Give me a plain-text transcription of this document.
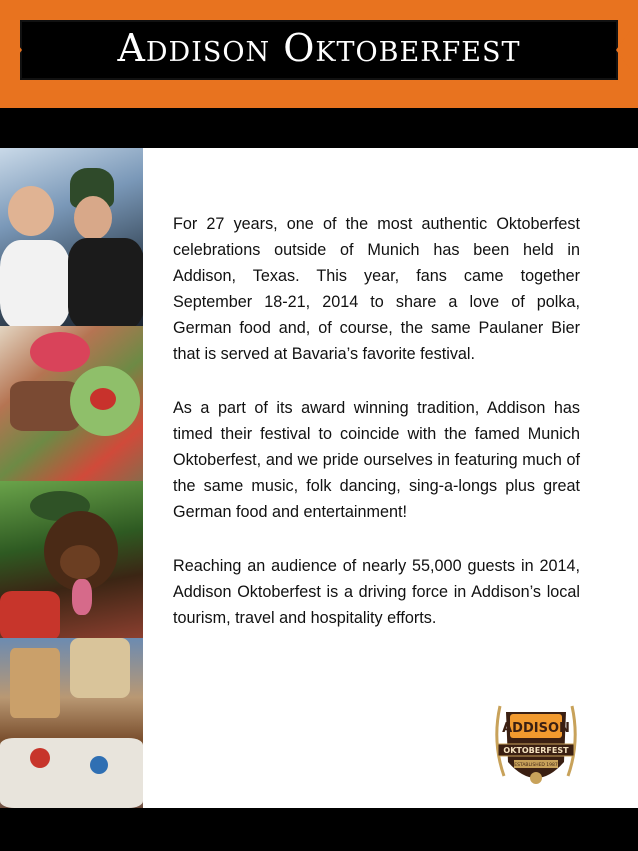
Addison Oktoberfest

For 27 years, one of the most authentic Oktoberfest celebrations outside of Munich has been held in Addison, Texas. This year, fans came together September 18-21, 2014 to share a love of polka, German food and, of course, the same Paulaner Bier that is served at Bavaria’s favorite festival.

As a part of its award winning tradition, Addison has timed their festival to coincide with the famed Munich Oktoberfest, and we pride ourselves in featuring much of the same music, folk dancing, sing-a-longs plus great German food and entertainment!

Reaching an audience of nearly 55,000 guests in 2014, Addison Oktoberfest is a driving force in Addison’s local tourism, travel and hospitality efforts.

ADDISON
OKTOBERFEST
ESTABLISHED 1987
